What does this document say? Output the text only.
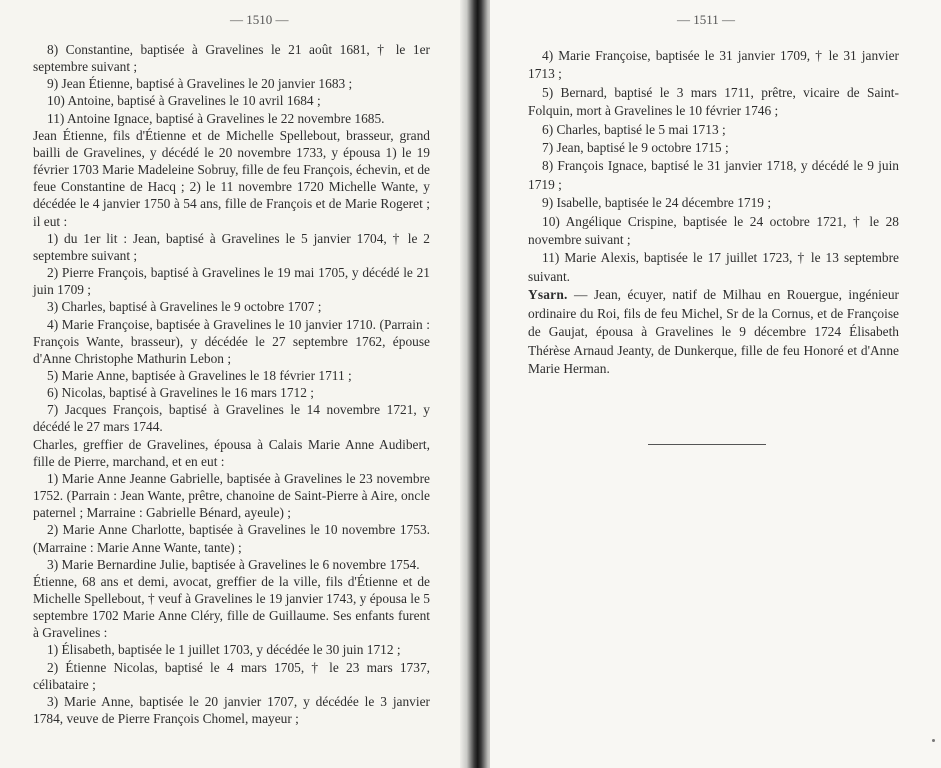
— 1510 —

8) Constantine, baptisée à Gravelines le 21 août 1681, † le 1er septembre suivant ;

9) Jean Étienne, baptisé à Gravelines le 20 janvier 1683 ;

10) Antoine, baptisé à Gravelines le 10 avril 1684 ;

11) Antoine Ignace, baptisé à Gravelines le 22 novembre 1685.

Jean Étienne, fils d'Étienne et de Michelle Spellebout, brasseur, grand bailli de Gravelines, y décédé le 20 novembre 1733, y épousa 1) le 19 février 1703 Marie Madeleine Sobruy, fille de feu François, échevin, et de feue Constantine de Hacq ; 2) le 11 novembre 1720 Michelle Wante, y décédée le 4 janvier 1750 à 54 ans, fille de François et de Marie Rogeret ; il eut :

1) du 1er lit : Jean, baptisé à Gravelines le 5 janvier 1704, † le 2 septembre suivant ;

2) Pierre François, baptisé à Gravelines le 19 mai 1705, y décédé le 21 juin 1709 ;

3) Charles, baptisé à Gravelines le 9 octobre 1707 ;

4) Marie Françoise, baptisée à Gravelines le 10 janvier 1710. (Parrain : François Wante, brasseur), y décédée le 27 septembre 1762, épouse d'Anne Christophe Mathurin Lebon ;

5) Marie Anne, baptisée à Gravelines le 18 février 1711 ;

6) Nicolas, baptisé à Gravelines le 16 mars 1712 ;

7) Jacques François, baptisé à Gravelines le 14 novembre 1721, y décédé le 27 mars 1744.

Charles, greffier de Gravelines, épousa à Calais Marie Anne Audibert, fille de Pierre, marchand, et en eut :

1) Marie Anne Jeanne Gabrielle, baptisée à Gravelines le 23 novembre 1752. (Parrain : Jean Wante, prêtre, chanoine de Saint-Pierre à Aire, oncle paternel ; Marraine : Gabrielle Bénard, ayeule) ;

2) Marie Anne Charlotte, baptisée à Gravelines le 10 novembre 1753. (Marraine : Marie Anne Wante, tante) ;

3) Marie Bernardine Julie, baptisée à Gravelines le 6 novembre 1754.

Étienne, 68 ans et demi, avocat, greffier de la ville, fils d'Étienne et de Michelle Spellebout, † veuf à Gravelines le 19 janvier 1743, y épousa le 5 septembre 1702 Marie Anne Cléry, fille de Guillaume. Ses enfants furent à Gravelines :

1) Élisabeth, baptisée le 1 juillet 1703, y décédée le 30 juin 1712 ;

2) Étienne Nicolas, baptisé le 4 mars 1705, † le 23 mars 1737, célibataire ;

3) Marie Anne, baptisée le 20 janvier 1707, y décédée le 3 janvier 1784, veuve de Pierre François Chomel, mayeur ;

— 1511 —

4) Marie Françoise, baptisée le 31 janvier 1709, † le 31 janvier 1713 ;

5) Bernard, baptisé le 3 mars 1711, prêtre, vicaire de Saint-Folquin, mort à Gravelines le 10 février 1746 ;

6) Charles, baptisé le 5 mai 1713 ;

7) Jean, baptisé le 9 octobre 1715 ;

8) François Ignace, baptisé le 31 janvier 1718, y décédé le 9 juin 1719 ;

9) Isabelle, baptisée le 24 décembre 1719 ;

10) Angélique Crispine, baptisée le 24 octobre 1721, † le 28 novembre suivant ;

11) Marie Alexis, baptisée le 17 juillet 1723, † le 13 septembre suivant.

Ysarn. — Jean, écuyer, natif de Milhau en Rouergue, ingénieur ordinaire du Roi, fils de feu Michel, Sr de la Cornus, et de Françoise de Gaujat, épousa à Gravelines le 9 décembre 1724 Élisabeth Thérèse Arnaud Jeanty, de Dunkerque, fille de feu Honoré et d'Anne Marie Herman.
